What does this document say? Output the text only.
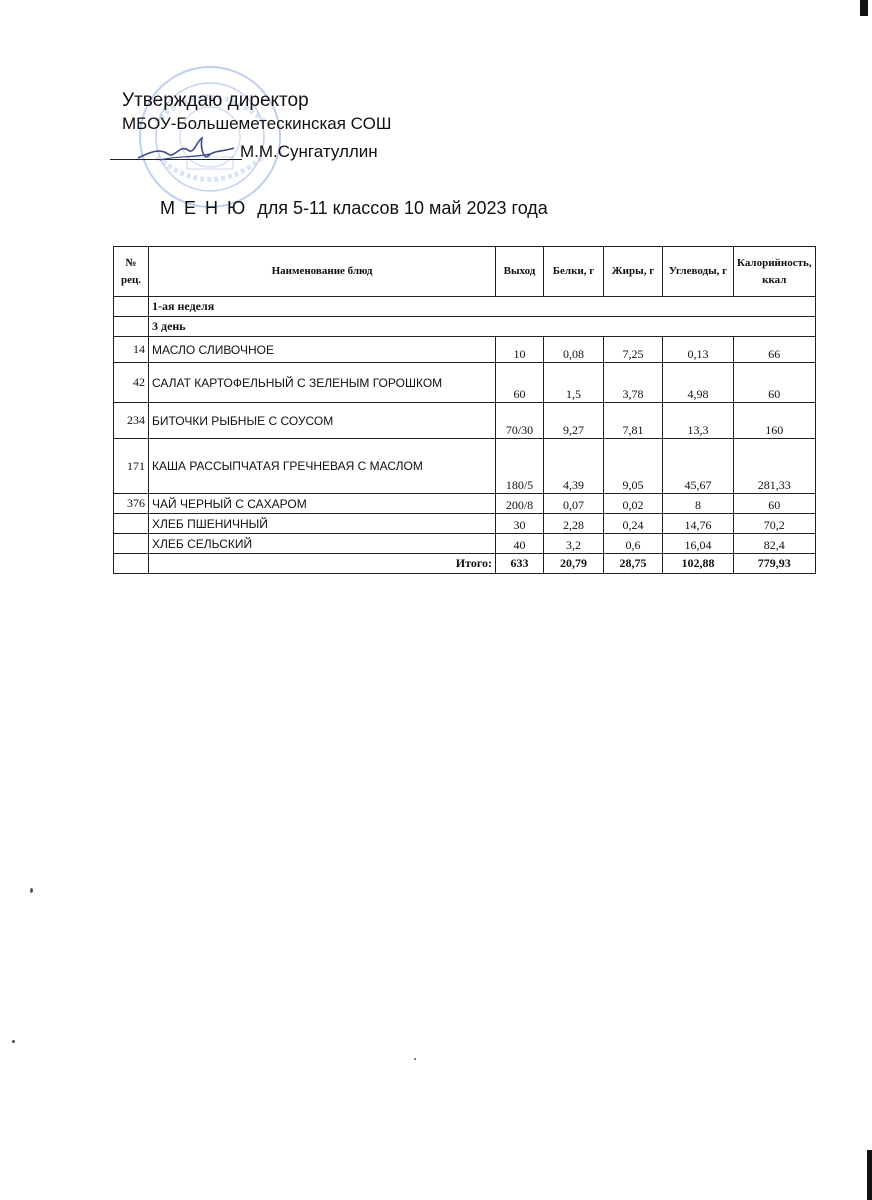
Утверждаю директор
МБОУ-Большеметескинская СОШ
М.М.Сунгатуллин
М Е Н Ю для 5-11 классов 10 май 2023 года
№ рец.	Наименование блюд	Выход	Белки, г	Жиры, г	Углеводы, г	Калорийность, ккал
	1-ая неделя					
	3 день					
14	МАСЛО СЛИВОЧНОЕ	10	0,08	7,25	0,13	66
42	САЛАТ КАРТОФЕЛЬНЫЙ С ЗЕЛЕНЫМ ГОРОШКОМ	60	1,5	3,78	4,98	60
234	БИТОЧКИ РЫБНЫЕ С СОУСОМ	70/30	9,27	7,81	13,3	160
171	КАША РАССЫПЧАТАЯ ГРЕЧНЕВАЯ С МАСЛОМ	180/5	4,39	9,05	45,67	281,33
376	ЧАЙ ЧЕРНЫЙ С САХАРОМ	200/8	0,07	0,02	8	60
	ХЛЕБ ПШЕНИЧНЫЙ	30	2,28	0,24	14,76	70,2
	ХЛЕБ СЕЛЬСКИЙ	40	3,2	0,6	16,04	82,4
	Итого:	633	20,79	28,75	102,88	779,93
